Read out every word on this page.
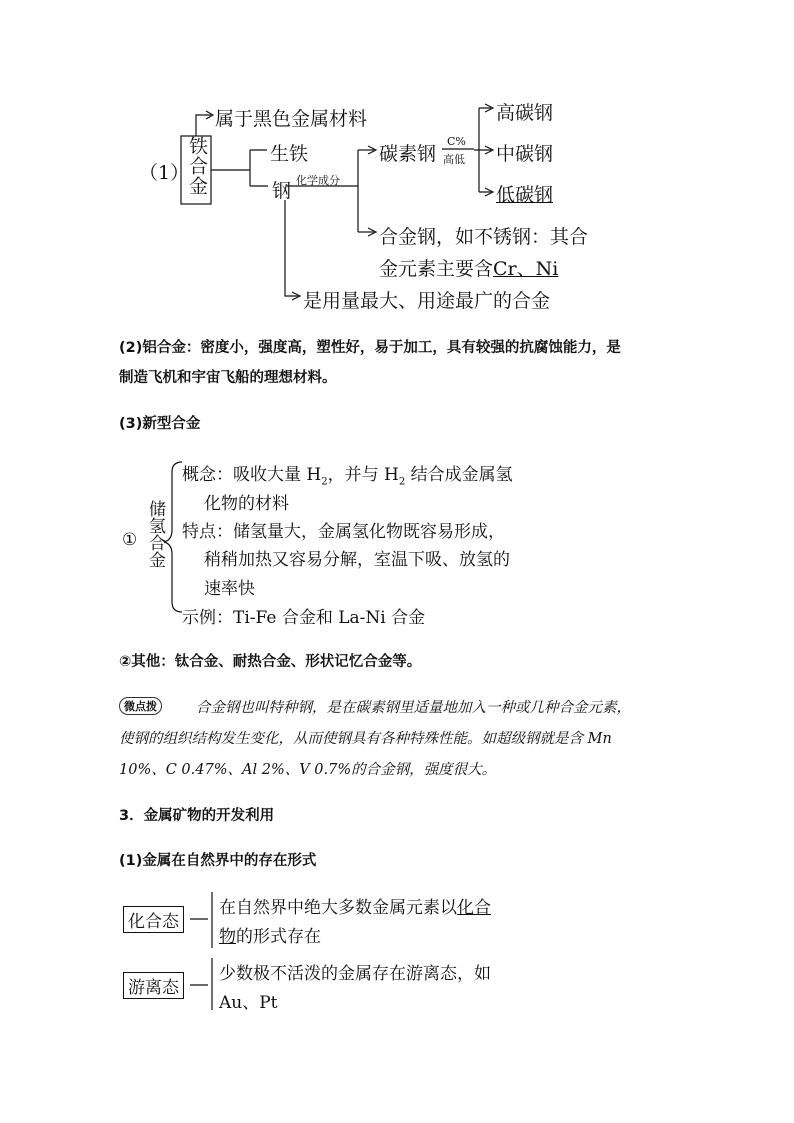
（1）
铁合金
属于黑色金属材料
生铁
钢 化学成分
碳素钢
C%
高低
高碳钢
中碳钢
低碳钢
合金钢，如不锈钢：其合
金元素主要含Cr、Ni
是用量最大、用途最广的合金
(2)铝合金：密度小，强度高，塑性好，易于加工，具有较强的抗腐蚀能力，是
制造飞机和宇宙飞船的理想材料。
(3)新型合金
① 储氢合金
概念：吸收大量 $H_2$，并与 $H_2$ 结合成金属氢
化物的材料
特点：储氢量大，金属氢化物既容易形成，
稍稍加热又容易分解，室温下吸、放氢的
速率快
示例：Ti-Fe 合金和 La-Ni 合金
②其他：钛合金、耐热合金、形状记忆合金等。
微点拨	合金钢也叫特种钢，是在碳素钢里适量地加入一种或几种合金元素，
使钢的组织结构发生变化，从而使钢具有各种特殊性能。如超级钢就是含 Mn
10%、C 0.47%、Al 2%、V 0.7%的合金钢，强度很大。
3．金属矿物的开发利用
(1)金属在自然界中的存在形式
化合态
在自然界中绝大多数金属元素以化合
物的形式存在
游离态
少数极不活泼的金属存在游离态，如
Au、Pt
